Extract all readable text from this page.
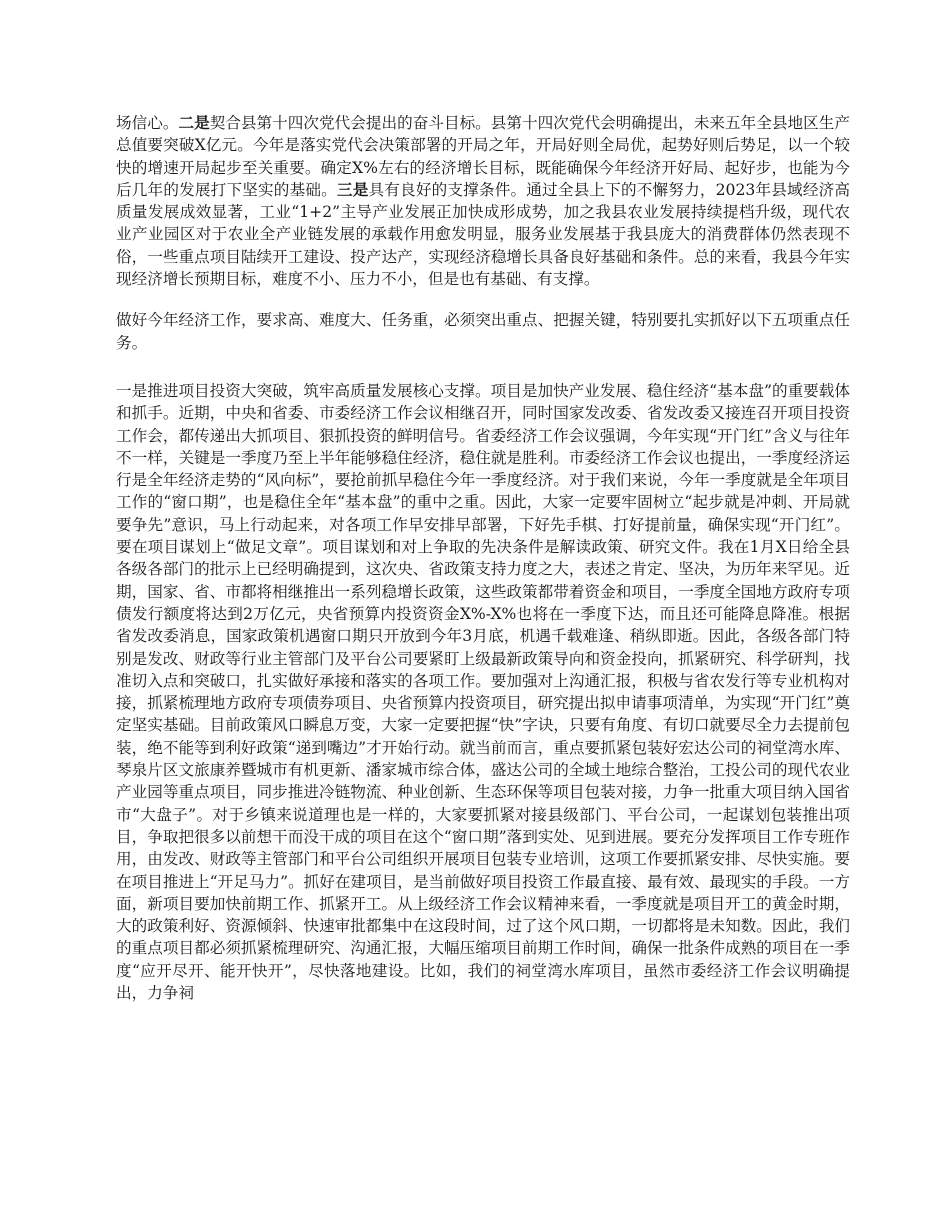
场信心。二是契合县第十四次党代会提出的奋斗目标。县第十四次党代会明确提出，未来五年全县地区生产总值要突破X亿元。今年是落实党代会决策部署的开局之年，开局好则全局优，起势好则后势足，以一个较快的增速开局起步至关重要。确定X%左右的经济增长目标，既能确保今年经济开好局、起好步，也能为今后几年的发展打下坚实的基础。三是具有良好的支撑条件。通过全县上下的不懈努力，2023年县域经济高质量发展成效显著，工业“1+2”主导产业发展正加快成形成势，加之我县农业发展持续提档升级，现代农业产业园区对于农业全产业链发展的承载作用愈发明显，服务业发展基于我县庞大的消费群体仍然表现不俗，一些重点项目陆续开工建设、投产达产，实现经济稳增长具备良好基础和条件。总的来看，我县今年实现经济增长预期目标，难度不小、压力不小，但是也有基础、有支撑。

做好今年经济工作，要求高、难度大、任务重，必须突出重点、把握关键，特别要扎实抓好以下五项重点任务。

一是推进项目投资大突破，筑牢高质量发展核心支撑。项目是加快产业发展、稳住经济“基本盘”的重要载体和抓手。近期，中央和省委、市委经济工作会议相继召开，同时国家发改委、省发改委又接连召开项目投资工作会，都传递出大抓项目、狠抓投资的鲜明信号。省委经济工作会议强调，今年实现“开门红”含义与往年不一样，关键是一季度乃至上半年能够稳住经济，稳住就是胜利。市委经济工作会议也提出，一季度经济运行是全年经济走势的“风向标”，要抢前抓早稳住今年一季度经济。对于我们来说，今年一季度就是全年项目工作的“窗口期”，也是稳住全年“基本盘”的重中之重。因此，大家一定要牢固树立“起步就是冲刺、开局就要争先”意识，马上行动起来，对各项工作早安排早部署，下好先手棋、打好提前量，确保实现“开门红”。要在项目谋划上“做足文章”。项目谋划和对上争取的先决条件是解读政策、研究文件。我在1月X日给全县各级各部门的批示上已经明确提到，这次央、省政策支持力度之大，表述之肯定、坚决，为历年来罕见。近期，国家、省、市都将相继推出一系列稳增长政策，这些政策都带着资金和项目，一季度全国地方政府专项债发行额度将达到2万亿元，央省预算内投资资金X%-X%也将在一季度下达，而且还可能降息降准。根据省发改委消息，国家政策机遇窗口期只开放到今年3月底，机遇千载难逢、稍纵即逝。因此，各级各部门特别是发改、财政等行业主管部门及平台公司要紧盯上级最新政策导向和资金投向，抓紧研究、科学研判，找准切入点和突破口，扎实做好承接和落实的各项工作。要加强对上沟通汇报，积极与省农发行等专业机构对接，抓紧梳理地方政府专项债券项目、央省预算内投资项目，研究提出拟申请事项清单，为实现“开门红”奠定坚实基础。目前政策风口瞬息万变，大家一定要把握“快”字诀，只要有角度、有切口就要尽全力去提前包装，绝不能等到利好政策“递到嘴边”才开始行动。就当前而言，重点要抓紧包装好宏达公司的祠堂湾水库、琴泉片区文旅康养暨城市有机更新、潘家城市综合体，盛达公司的全域土地综合整治，工投公司的现代农业产业园等重点项目，同步推进冷链物流、种业创新、生态环保等项目包装对接，力争一批重大项目纳入国省市“大盘子”。对于乡镇来说道理也是一样的，大家要抓紧对接县级部门、平台公司，一起谋划包装推出项目，争取把很多以前想干而没干成的项目在这个“窗口期”落到实处、见到进展。要充分发挥项目工作专班作用，由发改、财政等主管部门和平台公司组织开展项目包装专业培训，这项工作要抓紧安排、尽快实施。要在项目推进上“开足马力”。抓好在建项目，是当前做好项目投资工作最直接、最有效、最现实的手段。一方面，新项目要加快前期工作、抓紧开工。从上级经济工作会议精神来看，一季度就是项目开工的黄金时期，大的政策利好、资源倾斜、快速审批都集中在这段时间，过了这个风口期，一切都将是未知数。因此，我们的重点项目都必须抓紧梳理研究、沟通汇报，大幅压缩项目前期工作时间，确保一批条件成熟的项目在一季度“应开尽开、能开快开”，尽快落地建设。比如，我们的祠堂湾水库项目，虽然市委经济工作会议明确提出，力争祠
